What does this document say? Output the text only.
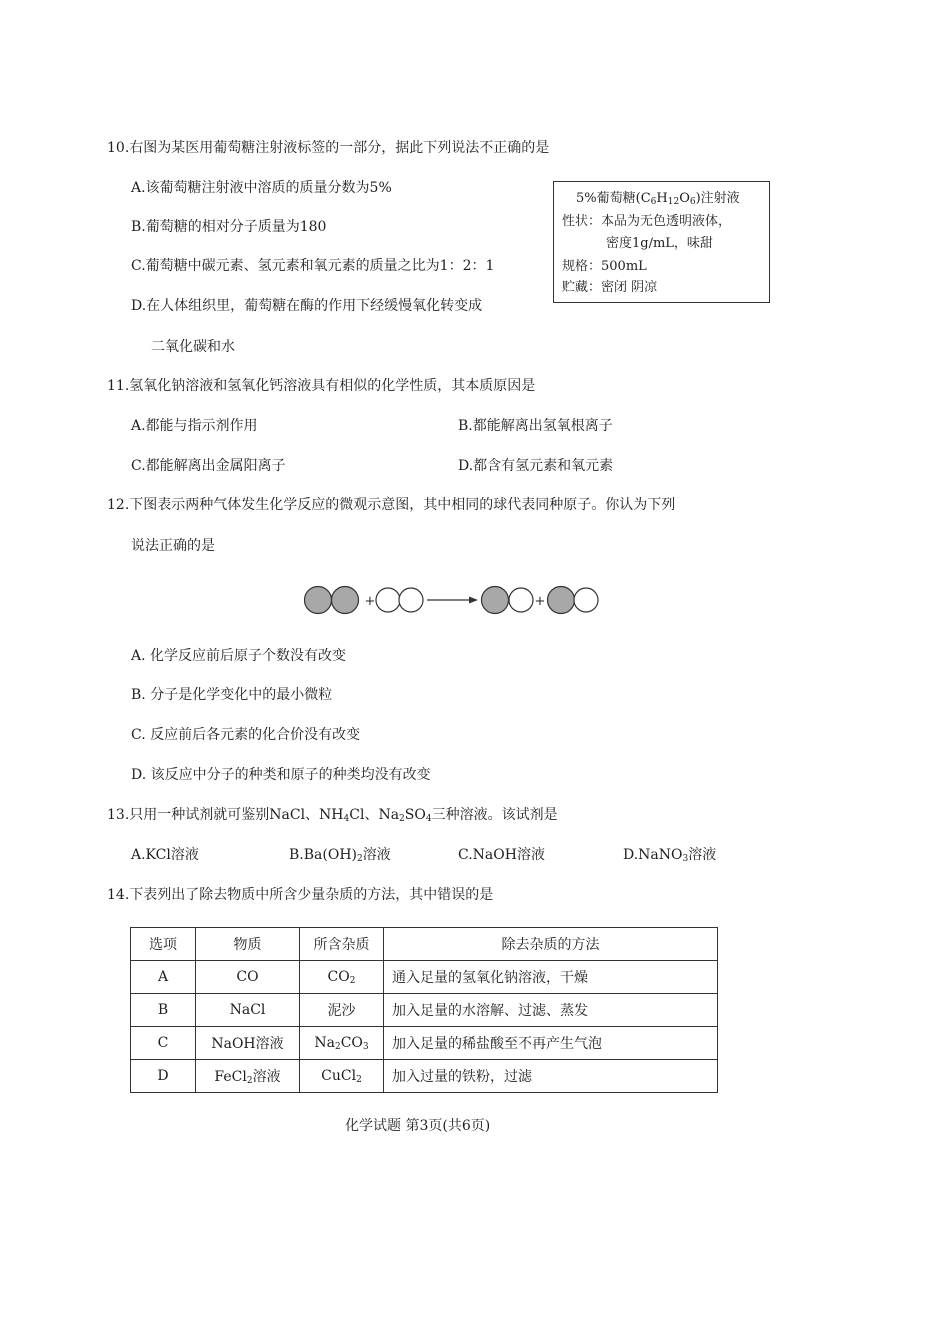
10.右图为某医用葡萄糖注射液标签的一部分，据此下列说法不正确的是
A.该葡萄糖注射液中溶质的质量分数为5%
B.葡萄糖的相对分子质量为180
C.葡萄糖中碳元素、氢元素和氧元素的质量之比为1：2：1
D.在人体组织里，葡萄糖在酶的作用下经缓慢氧化转变成
二氧化碳和水
5%葡萄糖$(C_6H_{12}O_6)$注射液
性状：本品为无色透明液体，
密度1g/mL，味甜
规格：500mL
贮藏：密闭 阴凉
11.氢氧化钠溶液和氢氧化钙溶液具有相似的化学性质，其本质原因是
A.都能与指示剂作用	B.都能解离出氢氧根离子
C.都能解离出金属阳离子	D.都含有氢元素和氧元素
12.下图表示两种气体发生化学反应的微观示意图，其中相同的球代表同种原子。你认为下列
说法正确的是
+	+
A. 化学反应前后原子个数没有改变
B. 分子是化学变化中的最小微粒
C. 反应前后各元素的化合价没有改变
D. 该反应中分子的种类和原子的种类均没有改变
13.只用一种试剂就可鉴别NaCl、$NH_4Cl$、$Na_2SO_4$三种溶液。该试剂是
A.KCl溶液	$B.Ba(OH)_2$溶液	C.NaOH溶液	D.NaNO$_3$溶液
14.下表列出了除去物质中所含少量杂质的方法，其中错误的是
选项	物质	所含杂质	除去杂质的方法
A	CO	$CO_2$	通入足量的氢氧化钠溶液，干燥
B	NaCl	泥沙	加入足量的水溶解、过滤、蒸发
C	NaOH溶液	$Na_2CO_3$	加入足量的稀盐酸至不再产生气泡
D	FeCl$_2$溶液	CuCl$_2$	加入过量的铁粉，过滤
化学试题 第3页(共6页)
